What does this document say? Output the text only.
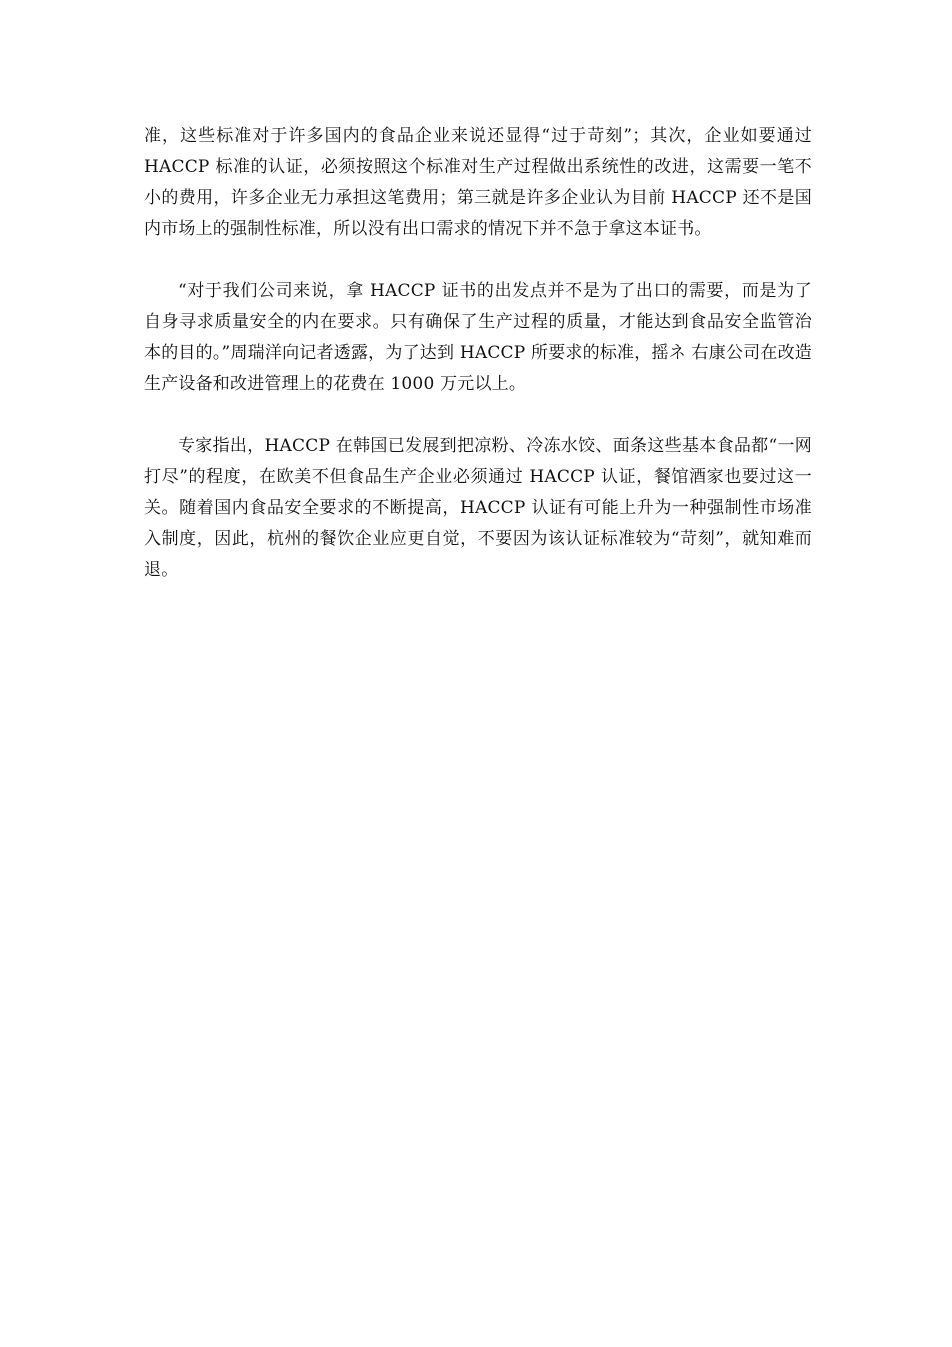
准，这些标准对于许多国内的食品企业来说还显得“过于苛刻”；其次，企业如要通过 HACCP 标准的认证，必须按照这个标准对生产过程做出系统性的改进，这需要一笔不小的费用，许多企业无力承担这笔费用；第三就是许多企业认为目前 HACCP 还不是国内市场上的强制性标准，所以没有出口需求的情况下并不急于拿这本证书。

“对于我们公司来说，拿 HACCP 证书的出发点并不是为了出口的需要，而是为了自身寻求质量安全的内在要求。只有确保了生产过程的质量，才能达到食品安全监管治本的目的。”周瑞洋向记者透露，为了达到 HACCP 所要求的标准，摇ネ 右康公司在改造生产设备和改进管理上的花费在 1000 万元以上。

专家指出，HACCP 在韩国已发展到把凉粉、冷冻水饺、面条这些基本食品都“一网打尽”的程度，在欧美不但食品生产企业必须通过 HACCP 认证，餐馆酒家也要过这一关。随着国内食品安全要求的不断提高，HACCP 认证有可能上升为一种强制性市场准入制度，因此，杭州的餐饮企业应更自觉，不要因为该认证标准较为“苛刻”，就知难而退。
